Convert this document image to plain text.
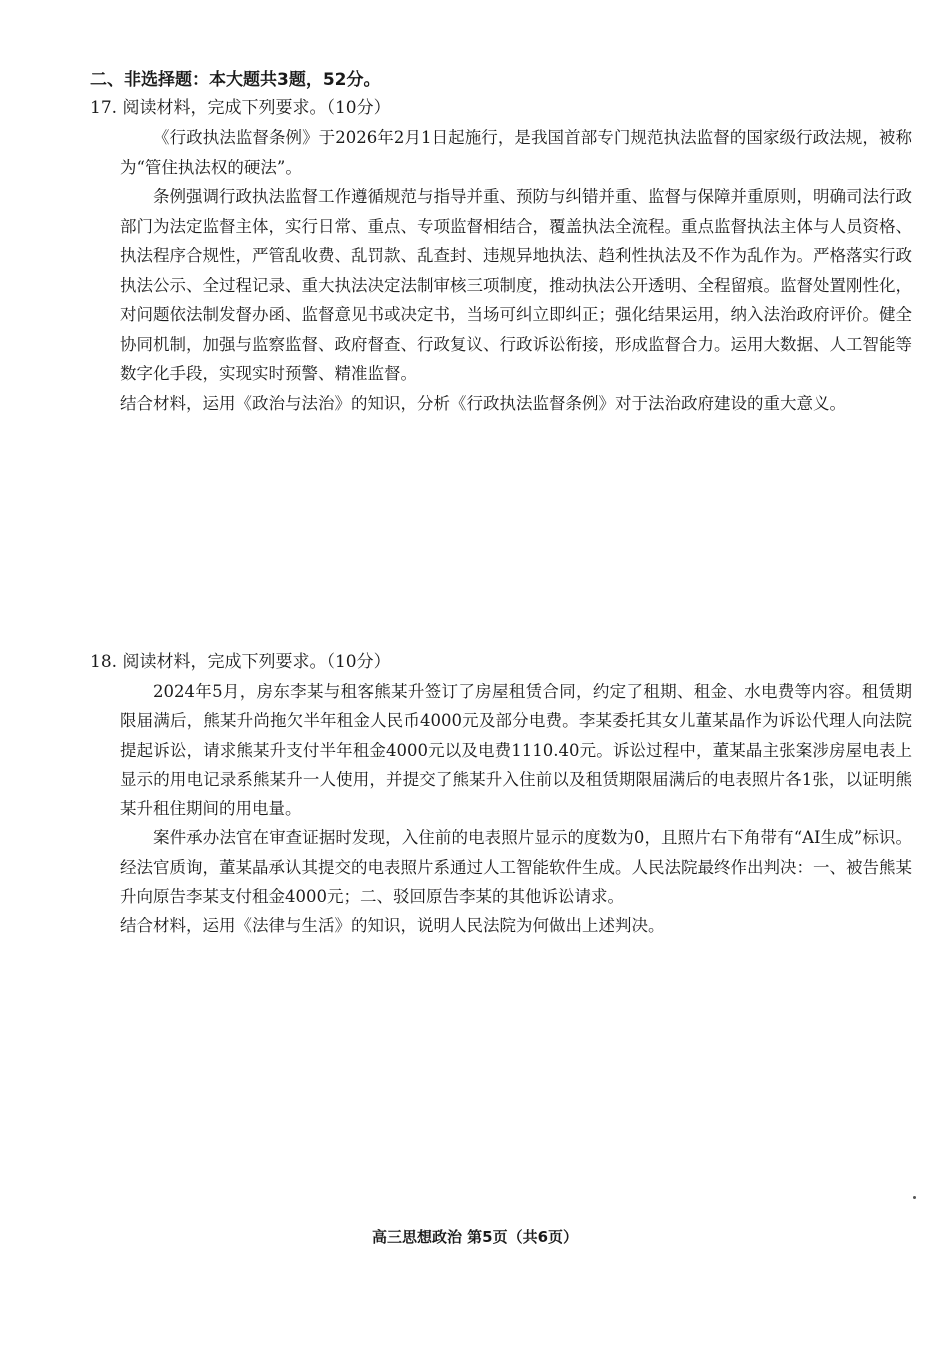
二、非选择题：本大题共3题，52分。

17. 阅读材料，完成下列要求。（10分）

《行政执法监督条例》于2026年2月1日起施行，是我国首部专门规范执法监督的国家级行政法规，被称为“管住执法权的硬法”。

条例强调行政执法监督工作遵循规范与指导并重、预防与纠错并重、监督与保障并重原则，明确司法行政部门为法定监督主体，实行日常、重点、专项监督相结合，覆盖执法全流程。重点监督执法主体与人员资格、执法程序合规性，严管乱收费、乱罚款、乱查封、违规异地执法、趋利性执法及不作为乱作为。严格落实行政执法公示、全过程记录、重大执法决定法制审核三项制度，推动执法公开透明、全程留痕。监督处置刚性化，对问题依法制发督办函、监督意见书或决定书，当场可纠立即纠正；强化结果运用，纳入法治政府评价。健全协同机制，加强与监察监督、政府督查、行政复议、行政诉讼衔接，形成监督合力。运用大数据、人工智能等数字化手段，实现实时预警、精准监督。

结合材料，运用《政治与法治》的知识，分析《行政执法监督条例》对于法治政府建设的重大意义。

18. 阅读材料，完成下列要求。（10分）

2024年5月，房东李某与租客熊某升签订了房屋租赁合同，约定了租期、租金、水电费等内容。租赁期限届满后，熊某升尚拖欠半年租金人民币4000元及部分电费。李某委托其女儿董某晶作为诉讼代理人向法院提起诉讼，请求熊某升支付半年租金4000元以及电费1110.40元。诉讼过程中，董某晶主张案涉房屋电表上显示的用电记录系熊某升一人使用，并提交了熊某升入住前以及租赁期限届满后的电表照片各1张，以证明熊某升租住期间的用电量。

案件承办法官在审查证据时发现，入住前的电表照片显示的度数为0，且照片右下角带有“AI生成”标识。经法官质询，董某晶承认其提交的电表照片系通过人工智能软件生成。人民法院最终作出判决：一、被告熊某升向原告李某支付租金4000元；二、驳回原告李某的其他诉讼请求。

结合材料，运用《法律与生活》的知识，说明人民法院为何做出上述判决。

高三思想政治 第5页（共6页）
